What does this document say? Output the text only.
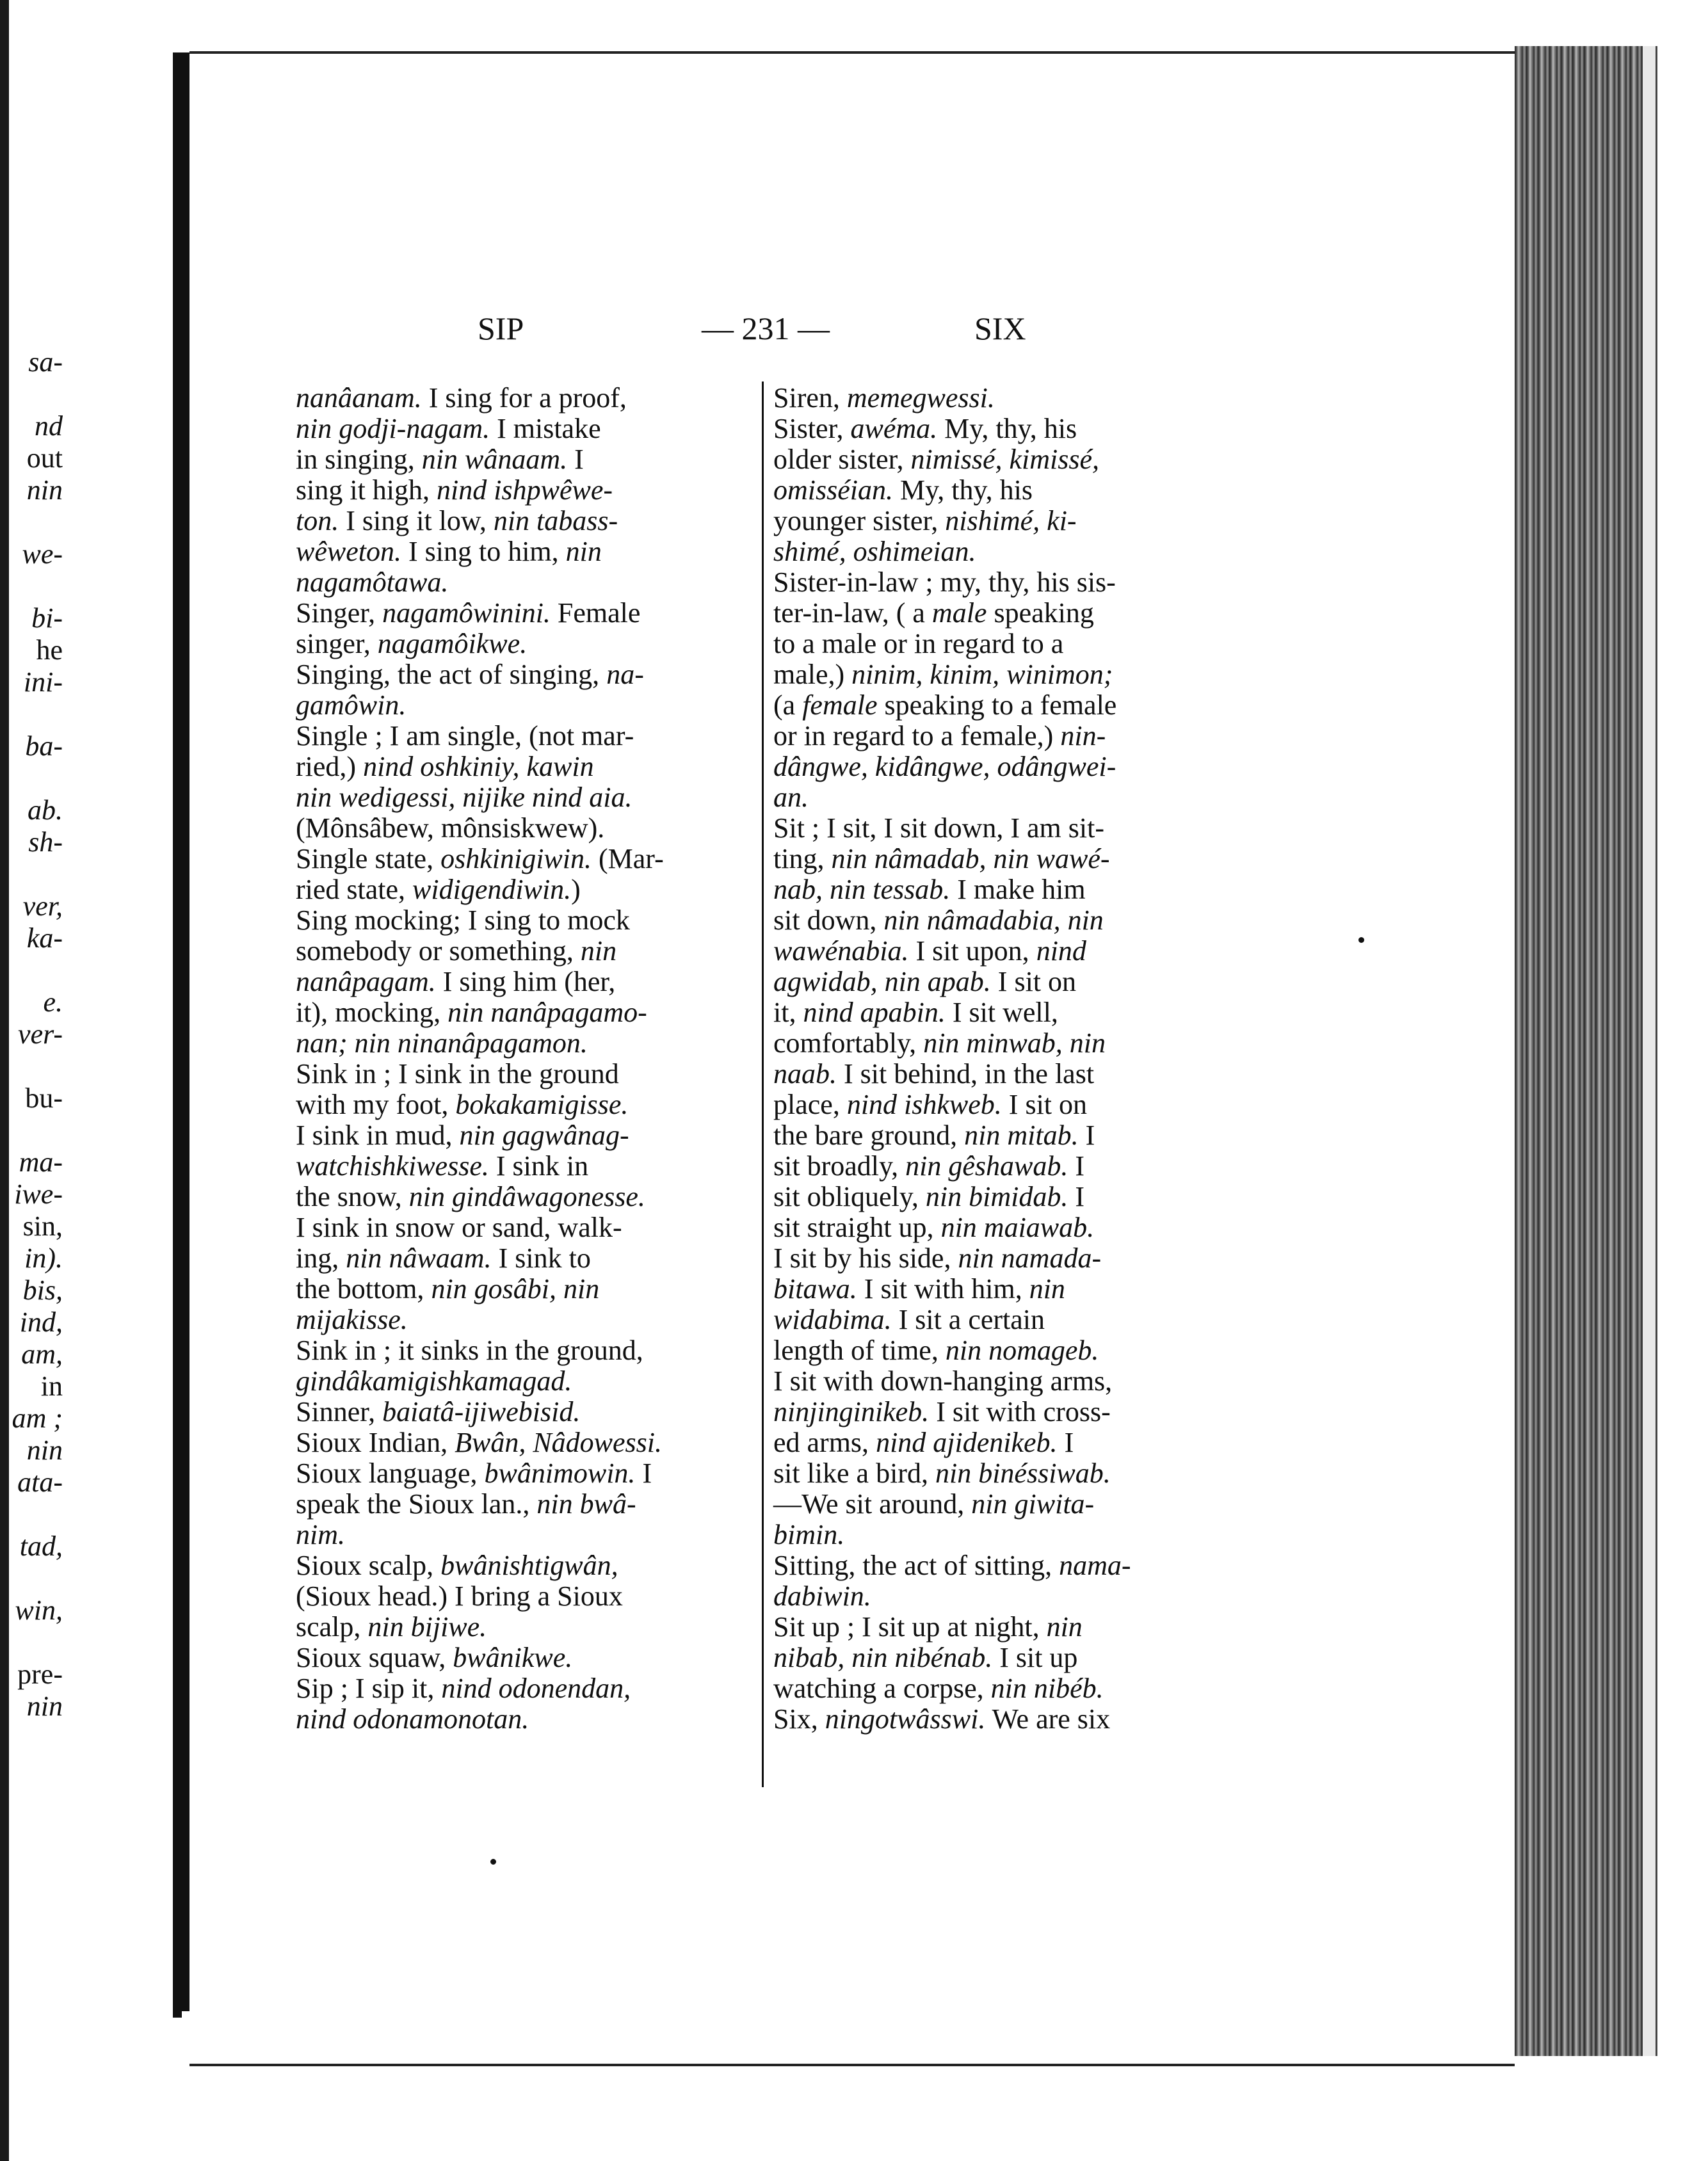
sa-
nd
out
nin
we-
bi-
he
ini-
ba-
ab.
sh-
ver,
ka-
e.
ver-
bu-
ma-
iwe-
sin,
in).
bis,
ind,
am,
in
am ;
nin
ata-
tad,
win,
pre-
nin
SIP	— 231 —	SIX
nanâanam. I sing for a proof,
nin godji-nagam. I mistake
in singing, nin wânaam. I
sing it high, nind ishpwêwe-
ton. I sing it low, nin tabass-
wêweton. I sing to him, nin
nagamôtawa.
Singer, nagamôwinini. Female
singer, nagamôikwe.
Singing, the act of singing, na-
gamôwin.
Single ; I am single, (not mar-
ried,) nind oshkiniy, kawin
nin wedigessi, nijike nind aia.
(Mônsâbew, mônsiskwew).
Single state, oshkinigiwin. (Mar-
ried state, widigendiwin.)
Sing mocking; I sing to mock
somebody or something, nin
nanâpagam. I sing him (her,
it), mocking, nin nanâpagamo-
nan; nin ninanâpagamon.
Sink in ; I sink in the ground
with my foot, bokakamigisse.
I sink in mud, nin gagwânag-
watchishkiwesse. I sink in
the snow, nin gindâwagonesse.
I sink in snow or sand, walk-
ing, nin nâwaam. I sink to
the bottom, nin gosâbi, nin
mijakisse.
Sink in ; it sinks in the ground,
gindâkamigishkamagad.
Sinner, baiatâ-ijiwebisid.
Sioux Indian, Bwân, Nâdowessi.
Sioux language, bwânimowin. I
speak the Sioux lan., nin bwâ-
nim.
Sioux scalp, bwânishtigwân,
(Sioux head.) I bring a Sioux
scalp, nin bijiwe.
Sioux squaw, bwânikwe.
Sip ; I sip it, nind odonendan,
nind odonamonotan.
Siren, memegwessi.
Sister, awéma. My, thy, his
older sister, nimissé, kimissé,
omisséian. My, thy, his
younger sister, nishimé, ki-
shimé, oshimeian.
Sister-in-law ; my, thy, his sis-
ter-in-law, ( a male speaking
to a male or in regard to a
male,) ninim, kinim, winimon;
(a female speaking to a female
or in regard to a female,) nin-
dângwe, kidângwe, odângwei-
an.
Sit ; I sit, I sit down, I am sit-
ting, nin nâmadab, nin wawé-
nab, nin tessab. I make him
sit down, nin nâmadabia, nin
wawénabia. I sit upon, nind
agwidab, nin apab. I sit on
it, nind apabin. I sit well,
comfortably, nin minwab, nin
naab. I sit behind, in the last
place, nind ishkweb. I sit on
the bare ground, nin mitab. I
sit broadly, nin gêshawab. I
sit obliquely, nin bimidab. I
sit straight up, nin maiawab.
I sit by his side, nin namada-
bitawa. I sit with him, nin
widabima. I sit a certain
length of time, nin nomageb.
I sit with down-hanging arms,
ninjinginikeb. I sit with cross-
ed arms, nind ajidenikeb. I
sit like a bird, nin binéssiwab.
—We sit around, nin giwita-
bimin.
Sitting, the act of sitting, nama-
dabiwin.
Sit up ; I sit up at night, nin
nibab, nin nibénab. I sit up
watching a corpse, nin nibéb.
Six, ningotwâsswi. We are six
